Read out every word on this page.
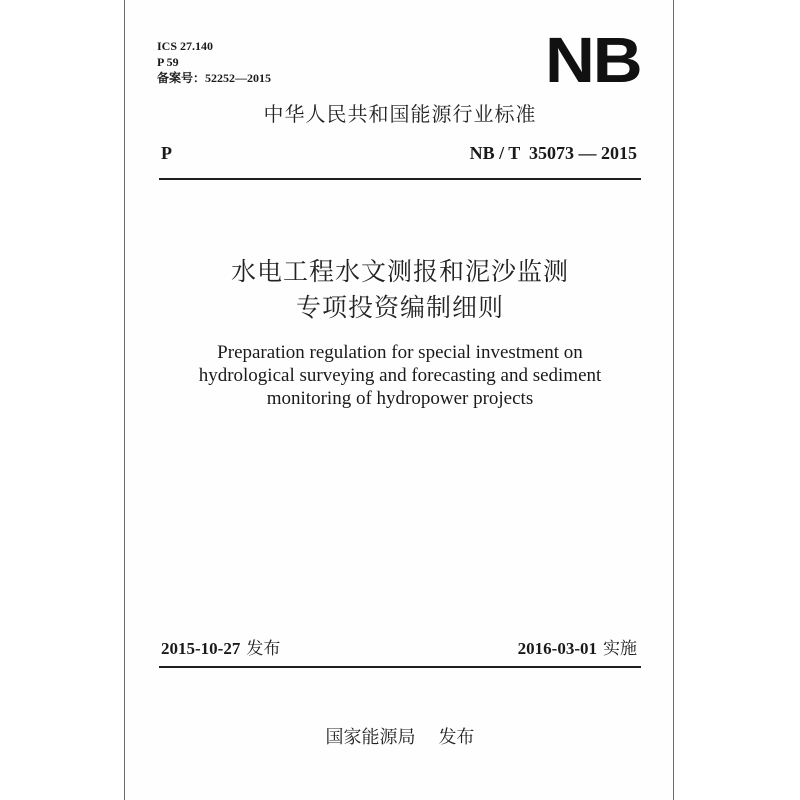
ICS 27.140
P 59
备案号：52252—2015	NB
中华人民共和国能源行业标准
P	NB / T  35073 — 2015
水电工程水文测报和泥沙监测
专项投资编制细则
Preparation regulation for special investment on
hydrological surveying and forecasting and sediment
monitoring of hydropower projects
2015-10-27 发布	2016-03-01 实施
国家能源局 发布
